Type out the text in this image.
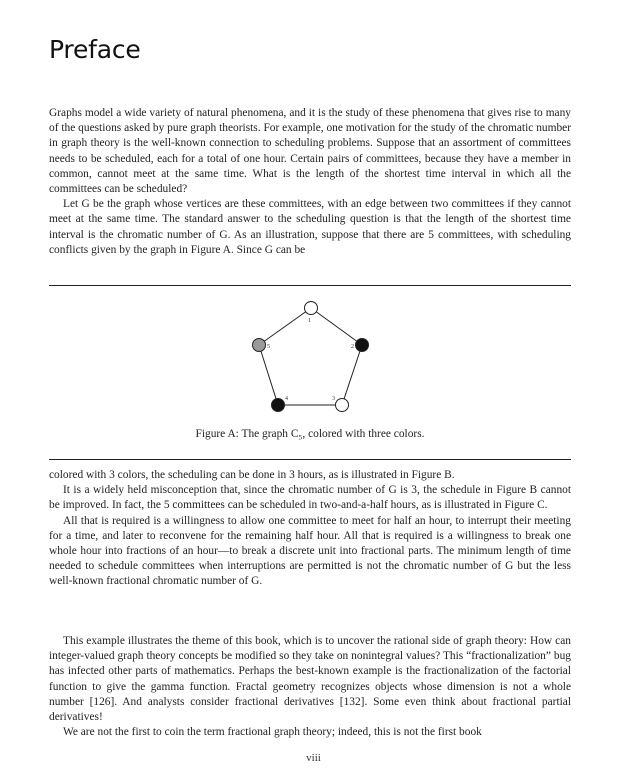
Preface

Graphs model a wide variety of natural phenomena, and it is the study of these phenomena that gives rise to many of the questions asked by pure graph theorists. For example, one motivation for the study of the chromatic number in graph theory is the well-known connection to scheduling problems. Suppose that an assortment of committees needs to be scheduled, each for a total of one hour. Certain pairs of committees, because they have a member in common, cannot meet at the same time. What is the length of the shortest time interval in which all the committees can be scheduled?

Let G be the graph whose vertices are these committees, with an edge between two committees if they cannot meet at the same time. The standard answer to the scheduling question is that the length of the shortest time interval is the chromatic number of G. As an illustration, suppose that there are 5 committees, with scheduling conflicts given by the graph in Figure A. Since G can be

1
2
3
4
5
Figure A: The graph C₅, colored with three colors.

colored with 3 colors, the scheduling can be done in 3 hours, as is illustrated in Figure B.

It is a widely held misconception that, since the chromatic number of G is 3, the schedule in Figure B cannot be improved. In fact, the 5 committees can be scheduled in two-and-a-half hours, as is illustrated in Figure C.

All that is required is a willingness to allow one committee to meet for half an hour, to interrupt their meeting for a time, and later to reconvene for the remaining half hour. All that is required is a willingness to break one whole hour into fractions of an hour—to break a discrete unit into fractional parts. The minimum length of time needed to schedule committees when interruptions are permitted is not the chromatic number of G but the less well-known fractional chromatic number of G.

This example illustrates the theme of this book, which is to uncover the rational side of graph theory: How can integer-valued graph theory concepts be modified so they take on nonintegral values? This “fractionalization” bug has infected other parts of mathematics. Perhaps the best-known example is the fractionalization of the factorial function to give the gamma function. Fractal geometry recognizes objects whose dimension is not a whole number [126]. And analysts consider fractional derivatives [132]. Some even think about fractional partial derivatives!

We are not the first to coin the term fractional graph theory; indeed, this is not the first book

viii
